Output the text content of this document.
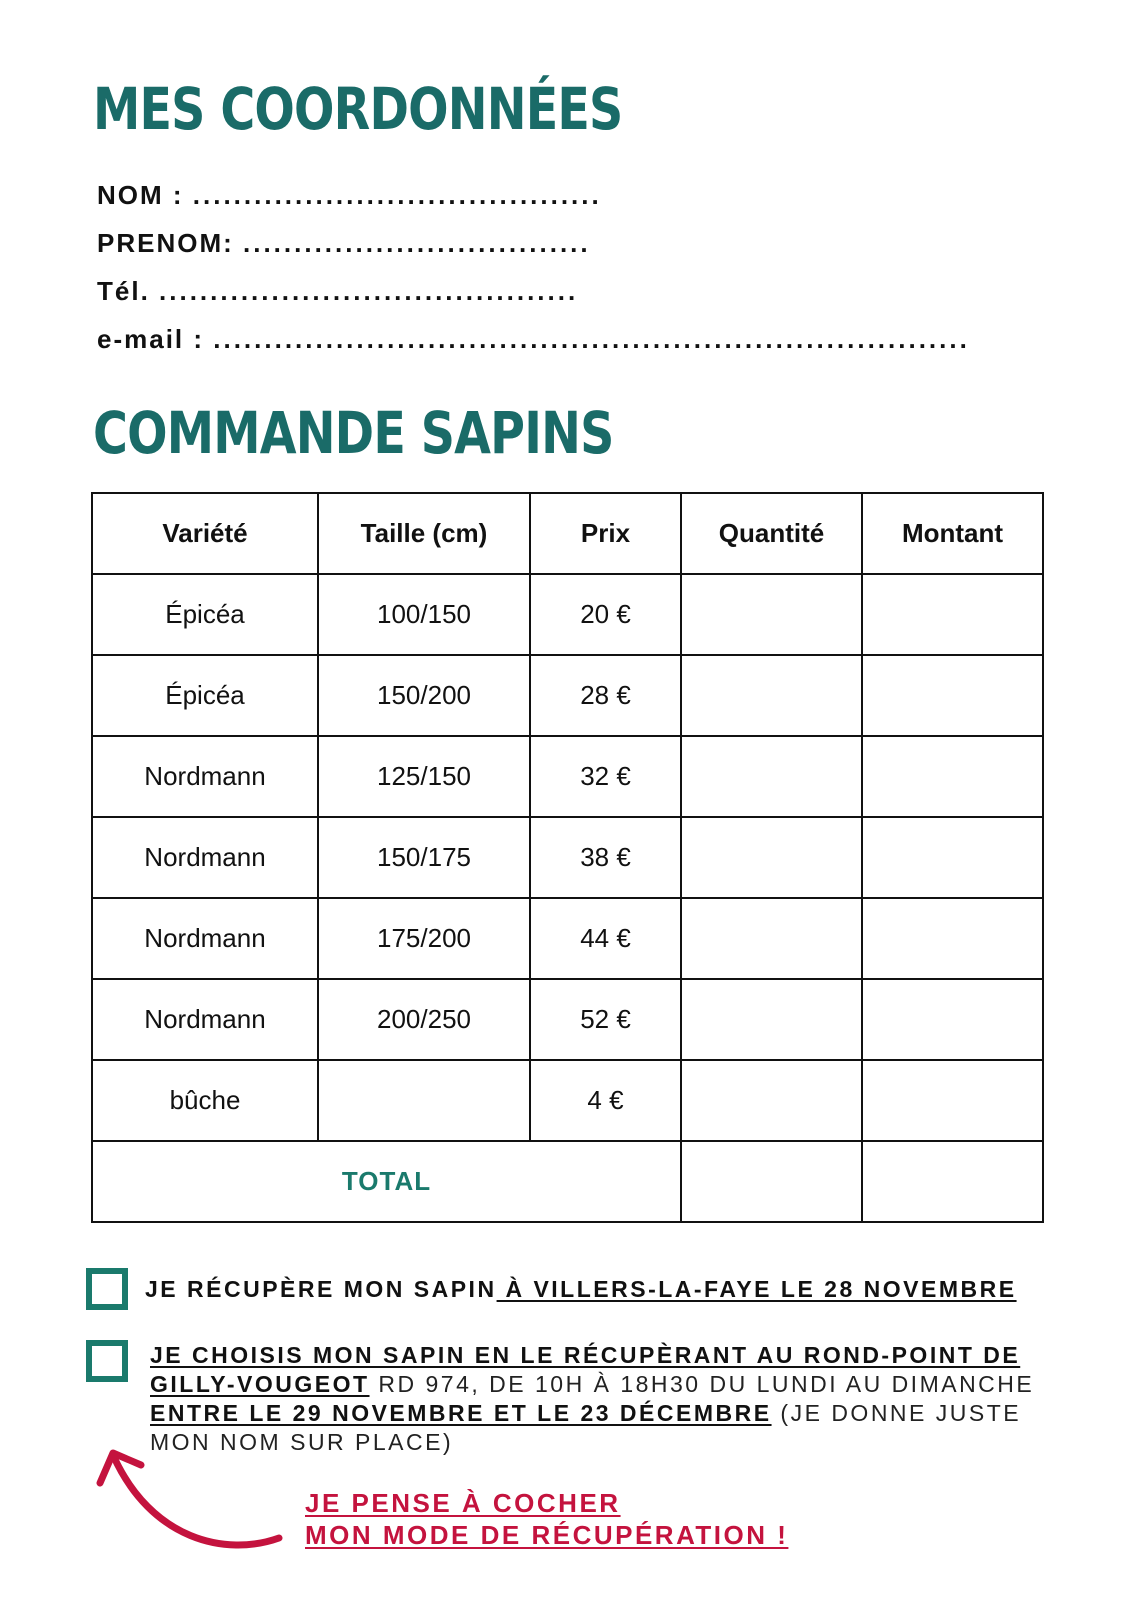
MES COORDONNÉES
NOM : ........................................
PRENOM: ..................................
Tél. .........................................
e-mail : ..........................................................................
COMMANDE SAPINS
Variété	Taille (cm)	Prix	Quantité	Montant
Épicéa	100/150	20 €		
Épicéa	150/200	28 €		
Nordmann	125/150	32 €		
Nordmann	150/175	38 €		
Nordmann	175/200	44 €		
Nordmann	200/250	52 €		
bûche		4 €		
TOTAL				
JE RÉCUPÈRE MON SAPIN À VILLERS-LA-FAYE LE 28 NOVEMBRE
JE CHOISIS MON SAPIN EN LE RÉCUPÈRANT AU ROND-POINT DE
GILLY-VOUGEOT RD 974, DE 10H À 18H30 DU LUNDI AU DIMANCHE
ENTRE LE 29 NOVEMBRE ET LE 23 DÉCEMBRE (JE DONNE JUSTE
MON NOM SUR PLACE)
JE PENSE À COCHER
MON MODE DE RÉCUPÉRATION !
